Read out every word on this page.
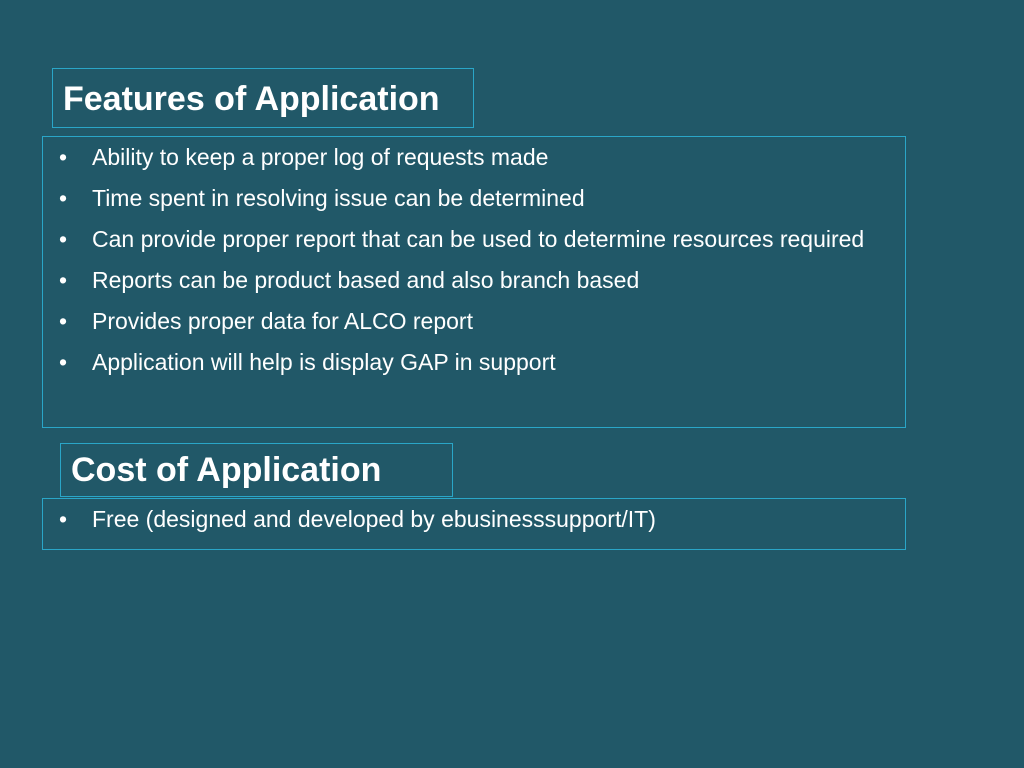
Features of Application
• Ability to keep a proper log of requests made
• Time spent in resolving issue can be determined
• Can provide proper report that can be used to determine resources required
• Reports can be product based and also branch based
• Provides proper data for ALCO report
• Application will help is display GAP in support
Cost of Application
• Free (designed and developed by ebusinesssupport/IT)
